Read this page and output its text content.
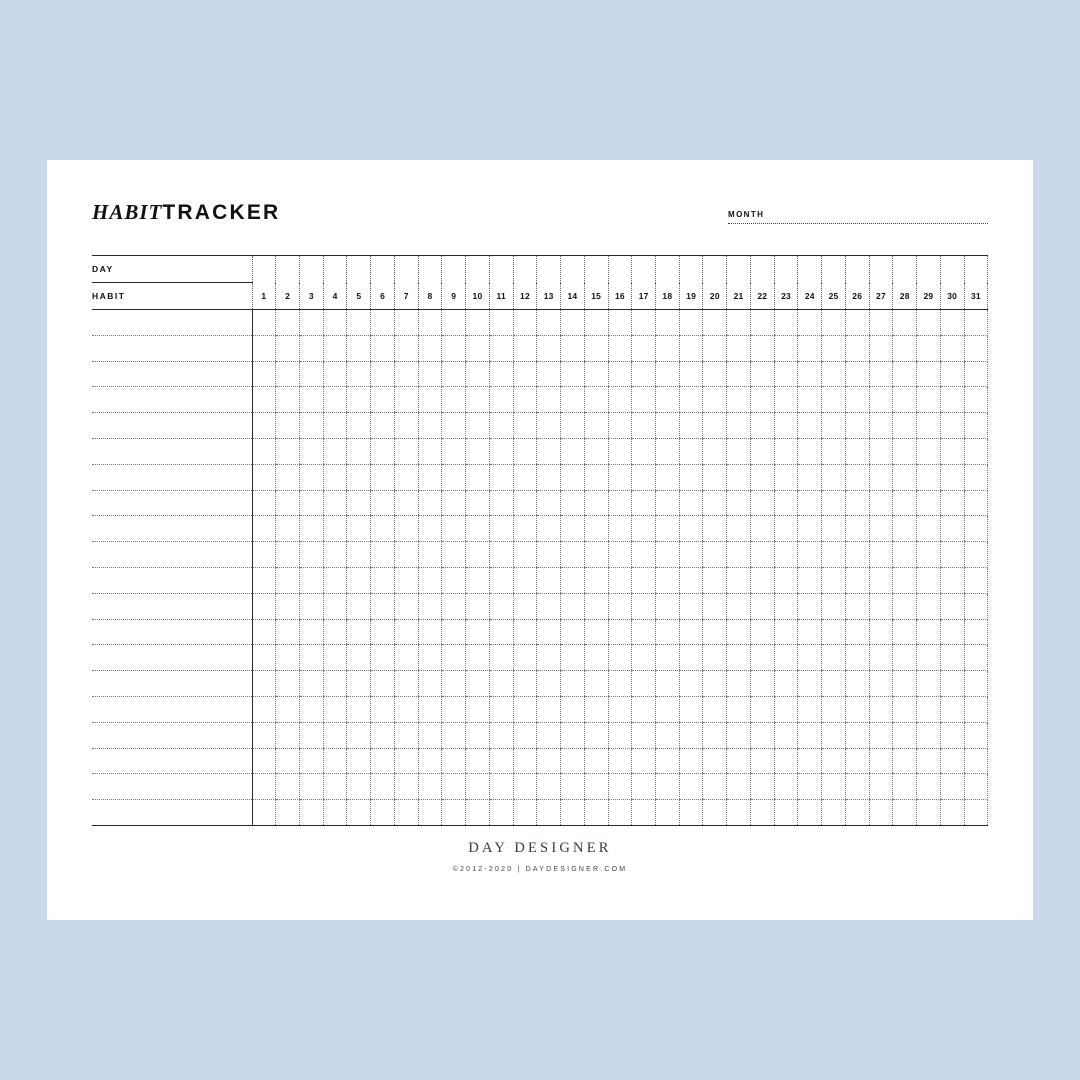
HABITTRACKER	MONTH
DAY																															
HABIT	1	2	3	4	5	6	7	8	9	10	11	12	13	14	15	16	17	18	19	20	21	22	23	24	25	26	27	28	29	30	31

DAY DESIGNER
©2012-2020 | DAYDESIGNER.COM
